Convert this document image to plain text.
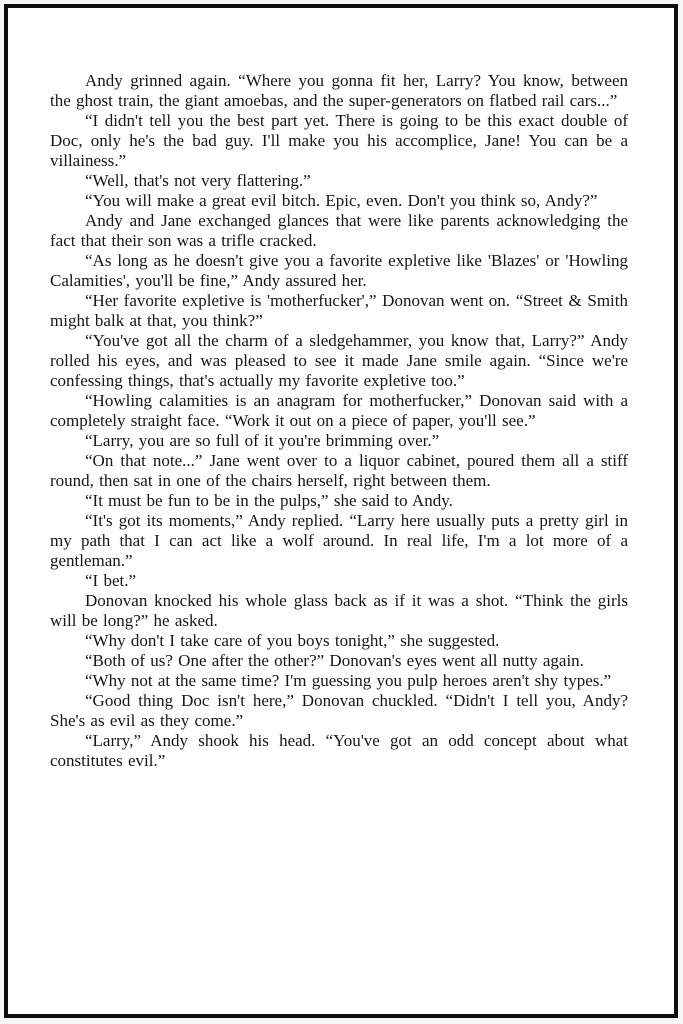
Andy grinned again. “Where you gonna fit her, Larry? You know, between the ghost train, the giant amoebas, and the super-generators on flatbed rail cars...”

“I didn't tell you the best part yet. There is going to be this exact double of Doc, only he's the bad guy. I'll make you his accomplice, Jane! You can be a villainess.”

“Well, that's not very flattering.”

“You will make a great evil bitch. Epic, even. Don't you think so, Andy?”

Andy and Jane exchanged glances that were like parents acknowledging the fact that their son was a trifle cracked.

“As long as he doesn't give you a favorite expletive like 'Blazes' or 'Howling Calamities', you'll be fine,” Andy assured her.

“Her favorite expletive is 'motherfucker',” Donovan went on. “Street & Smith might balk at that, you think?”

“You've got all the charm of a sledgehammer, you know that, Larry?” Andy rolled his eyes, and was pleased to see it made Jane smile again. “Since we're confessing things, that's actually my favorite expletive too.”

“Howling calamities is an anagram for motherfucker,” Donovan said with a completely straight face. “Work it out on a piece of paper, you'll see.”

“Larry, you are so full of it you're brimming over.”

“On that note...” Jane went over to a liquor cabinet, poured them all a stiff round, then sat in one of the chairs herself, right between them.

“It must be fun to be in the pulps,” she said to Andy.

“It's got its moments,” Andy replied. “Larry here usually puts a pretty girl in my path that I can act like a wolf around. In real life, I'm a lot more of a gentleman.”

“I bet.”

Donovan knocked his whole glass back as if it was a shot. “Think the girls will be long?” he asked.

“Why don't I take care of you boys tonight,” she suggested.

“Both of us? One after the other?” Donovan's eyes went all nutty again.

“Why not at the same time? I'm guessing you pulp heroes aren't shy types.”

“Good thing Doc isn't here,” Donovan chuckled. “Didn't I tell you, Andy? She's as evil as they come.”

“Larry,” Andy shook his head. “You've got an odd concept about what constitutes evil.”
